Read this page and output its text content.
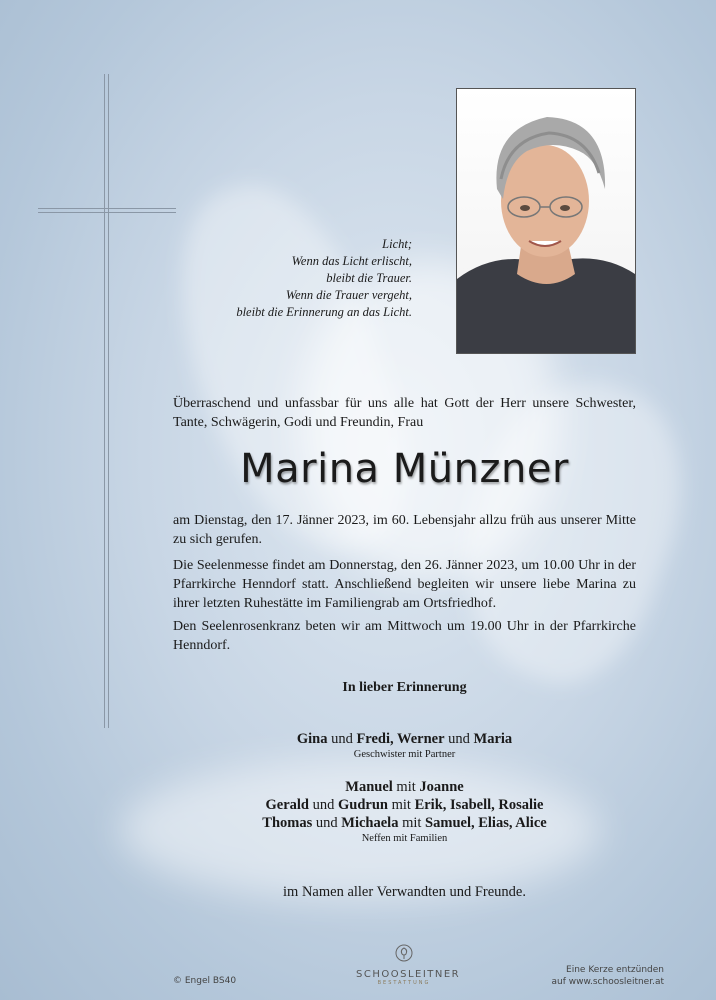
Licht;
Wenn das Licht erlischt,
bleibt die Trauer.
Wenn die Trauer vergeht,
bleibt die Erinnerung an das Licht.
Überraschend und unfassbar für uns alle hat Gott der Herr unsere Schwester, Tante, Schwägerin, Godi und Freundin, Frau
Marina Münzner
am Dienstag, den 17. Jänner 2023, im 60. Lebensjahr allzu früh aus unserer Mitte zu sich gerufen.
Die Seelenmesse findet am Donnerstag, den 26. Jänner 2023, um 10.00 Uhr in der Pfarrkirche Henndorf statt. Anschließend begleiten wir unsere liebe Marina zu ihrer letzten Ruhestätte im Familiengrab am Ortsfriedhof.
Den Seelenrosenkranz beten wir am Mittwoch um 19.00 Uhr in der Pfarrkirche Henndorf.
In lieber Erinnerung
Gina und Fredi, Werner und Maria
Geschwister mit Partner
Manuel mit Joanne
Gerald und Gudrun mit Erik, Isabell, Rosalie
Thomas und Michaela mit Samuel, Elias, Alice
Neffen mit Familien
im Namen aller Verwandten und Freunde.
© Engel BS40
SCHOOSLEITNER
BESTATTUNG
Eine Kerze entzünden
auf www.schoosleitner.at
